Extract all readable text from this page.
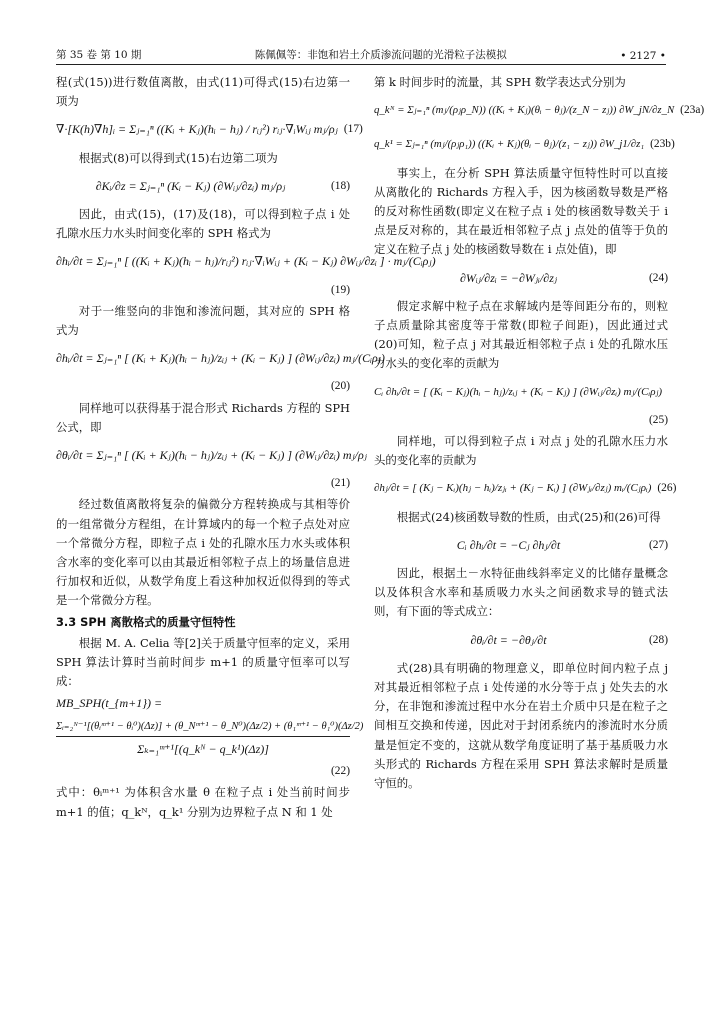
第 35 卷 第 10 期	陈佩佩等：非饱和岩土介质渗流问题的光滑粒子法模拟	• 2127 •

程(式(15))进行数值离散，由式(11)可得式(15)右边第一项为

∇·[K(h)∇h]ᵢ = Σⱼ₌₁ⁿ ((Kᵢ + Kⱼ)(hᵢ − hⱼ) / rᵢⱼ²) rᵢⱼ·∇ᵢWᵢⱼ mⱼ/ρⱼ (17)

根据式(8)可以得到式(15)右边第二项为

∂Kᵢ/∂z = Σⱼ₌₁ⁿ (Kᵢ − Kⱼ) (∂Wᵢⱼ/∂zᵢ) mⱼ/ρⱼ	(18)

因此，由式(15)，(17)及(18)，可以得到粒子点 i 处孔隙水压力水头时间变化率的 SPH 格式为

∂hᵢ/∂t = Σⱼ₌₁ⁿ [ ((Kᵢ + Kⱼ)(hᵢ − hⱼ)/rᵢⱼ²) rᵢⱼ·∇ᵢWᵢⱼ + (Kᵢ − Kⱼ) ∂Wᵢⱼ/∂zᵢ ] · mⱼ/(Cᵢρⱼ)
(19)

对于一维竖向的非饱和渗流问题，其对应的 SPH 格式为

∂hᵢ/∂t = Σⱼ₌₁ⁿ [ (Kᵢ + Kⱼ)(hᵢ − hⱼ)/zᵢⱼ + (Kᵢ − Kⱼ) ] (∂Wᵢⱼ/∂zᵢ) mⱼ/(Cᵢρⱼ)
(20)

同样地可以获得基于混合形式 Richards 方程的 SPH 公式，即

∂θᵢ/∂t = Σⱼ₌₁ⁿ [ (Kᵢ + Kⱼ)(hᵢ − hⱼ)/zᵢⱼ + (Kᵢ − Kⱼ) ] (∂Wᵢⱼ/∂zᵢ) mⱼ/ρⱼ
(21)

经过数值离散将复杂的偏微分方程转换成与其相等价的一组常微分方程组，在计算域内的每一个粒子点处对应一个常微分方程，即粒子点 i 处的孔隙水压力水头或体积含水率的变化率可以由其最近相邻粒子点上的场量信息进行加权和近似，从数学角度上看这种加权近似得到的等式是一个常微分方程。

3.3 SPH 离散格式的质量守恒特性

根据 M. A. Celia 等[2]关于质量守恒率的定义，采用 SPH 算法计算时当前时间步 m+1 的质量守恒率可以写成：

MB_SPH(t_{m+1}) =
Σᵢ₌₂ᴺ⁻¹[(θᵢᵐ⁺¹ − θᵢ⁰)(Δz)] + (θ_Nᵐ⁺¹ − θ_N⁰)(Δz/2) + (θ₁ᵐ⁺¹ − θ₁⁰)(Δz/2)
Σₖ₌₁ᵐ⁺¹[(q_kᴺ − q_k¹)(Δz)]
(22)

式中：θᵢᵐ⁺¹ 为体积含水量 θ 在粒子点 i 处当前时间步 m+1 的值；q_kᴺ，q_k¹ 分别为边界粒子点 N 和 1 处

第 k 时间步时的流量，其 SPH 数学表达式分别为

q_kᴺ = Σⱼ₌₁ⁿ (mⱼ/(ρⱼρ_N)) ((Kᵢ + Kⱼ)(θᵢ − θⱼ)/(z_N − zⱼ)) ∂W_jN/∂z_N (23a)
q_k¹ = Σⱼ₌₁ⁿ (mⱼ/(ρⱼρ₁)) ((Kᵢ + Kⱼ)(θᵢ − θⱼ)/(z₁ − zⱼ)) ∂W_j1/∂z₁ (23b)

事实上，在分析 SPH 算法质量守恒特性时可以直接从离散化的 Richards 方程入手，因为核函数导数是严格的反对称性函数(即定义在粒子点 i 处的核函数导数关于 i 点是反对称的，其在最近相邻粒子点 j 点处的值等于负的定义在粒子点 j 处的核函数导数在 i 点处值)，即

∂Wᵢⱼ/∂zᵢ = −∂Wⱼᵢ/∂zⱼ	(24)

假定求解中粒子点在求解域内是等间距分布的，则粒子点质量除其密度等于常数(即粒子间距)，因此通过式(20)可知，粒子点 j 对其最近相邻粒子点 i 处的孔隙水压力水头的变化率的贡献为

Cᵢ ∂hᵢ/∂t = [ (Kᵢ − Kⱼ)(hᵢ − hⱼ)/zᵢⱼ + (Kᵢ − Kⱼ) ] (∂Wᵢⱼ/∂zᵢ) mⱼ/(Cᵢρⱼ)
(25)

同样地，可以得到粒子点 i 对点 j 处的孔隙水压力水头的变化率的贡献为

∂hⱼ/∂t = [ (Kⱼ − Kᵢ)(hⱼ − hᵢ)/zⱼᵢ + (Kⱼ − Kᵢ) ] (∂Wⱼᵢ/∂zⱼ) mᵢ/(Cⱼρᵢ) (26)

根据式(24)核函数导数的性质，由式(25)和(26)可得

Cᵢ ∂hᵢ/∂t = −Cⱼ ∂hⱼ/∂t	(27)

因此，根据土－水特征曲线斜率定义的比储存量概念以及体积含水率和基质吸力水头之间函数求导的链式法则，有下面的等式成立：

∂θᵢ/∂t = −∂θⱼ/∂t	(28)

式(28)具有明确的物理意义，即单位时间内粒子点 j 对其最近相邻粒子点 i 处传递的水分等于点 j 处失去的水分，在非饱和渗流过程中水分在岩土介质中只是在粒子之间相互交换和传递，因此对于封闭系统内的渗流时水分质量是恒定不变的，这就从数学角度证明了基于基质吸力水头形式的 Richards 方程在采用 SPH 算法求解时是质量守恒的。
